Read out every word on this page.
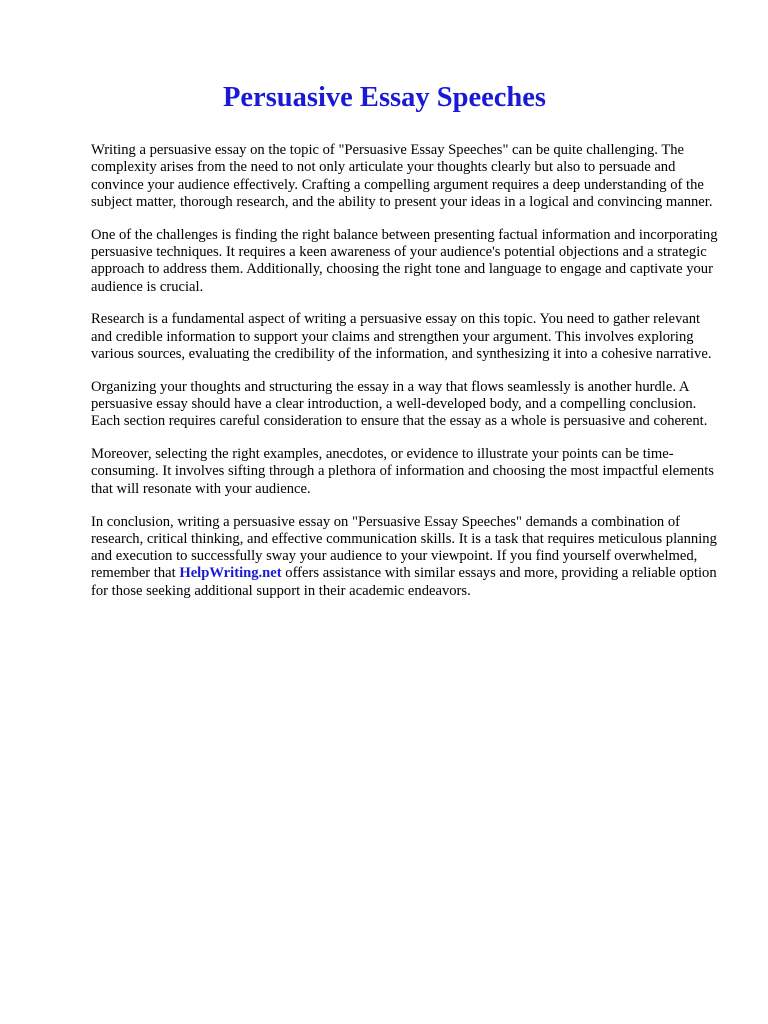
Persuasive Essay Speeches

Writing a persuasive essay on the topic of "Persuasive Essay Speeches" can be quite challenging. The complexity arises from the need to not only articulate your thoughts clearly but also to persuade and convince your audience effectively. Crafting a compelling argument requires a deep understanding of the subject matter, thorough research, and the ability to present your ideas in a logical and convincing manner.

One of the challenges is finding the right balance between presenting factual information and incorporating persuasive techniques. It requires a keen awareness of your audience's potential objections and a strategic approach to address them. Additionally, choosing the right tone and language to engage and captivate your audience is crucial.

Research is a fundamental aspect of writing a persuasive essay on this topic. You need to gather relevant and credible information to support your claims and strengthen your argument. This involves exploring various sources, evaluating the credibility of the information, and synthesizing it into a cohesive narrative.

Organizing your thoughts and structuring the essay in a way that flows seamlessly is another hurdle. A persuasive essay should have a clear introduction, a well-developed body, and a compelling conclusion. Each section requires careful consideration to ensure that the essay as a whole is persuasive and coherent.

Moreover, selecting the right examples, anecdotes, or evidence to illustrate your points can be time-consuming. It involves sifting through a plethora of information and choosing the most impactful elements that will resonate with your audience.

In conclusion, writing a persuasive essay on "Persuasive Essay Speeches" demands a combination of research, critical thinking, and effective communication skills. It is a task that requires meticulous planning and execution to successfully sway your audience to your viewpoint. If you find yourself overwhelmed, remember that HelpWriting.net offers assistance with similar essays and more, providing a reliable option for those seeking additional support in their academic endeavors.
